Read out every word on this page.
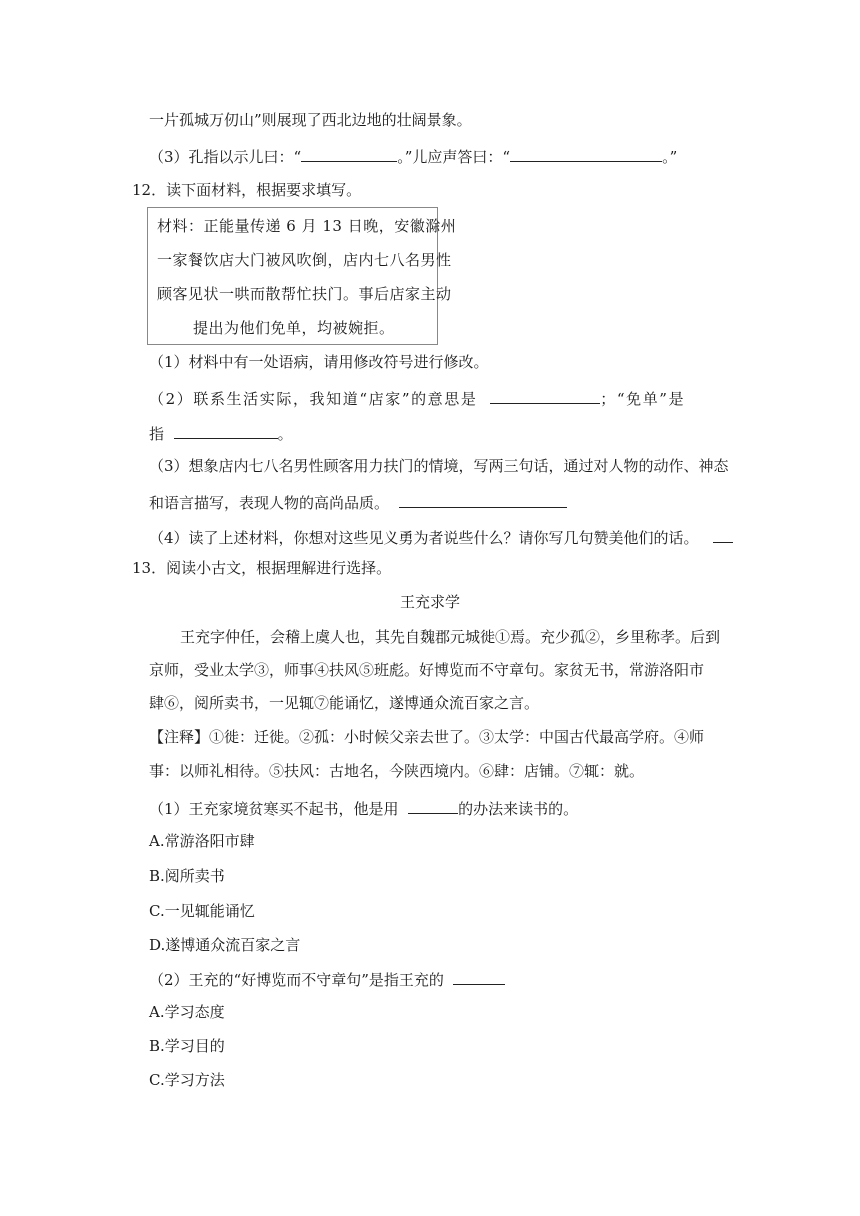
一片孤城万仞山”则展现了西北边地的壮阔景象。
（3）孔指以示儿曰：“	。”儿应声答曰：“	。”
12．读下面材料，根据要求填写。
材料：正能量传递 6 月 13 日晚，安徽滁州
一家餐饮店大门被风吹倒，店内七八名男性
顾客见状一哄而散帮忙扶门。事后店家主动
提出为他们免单，均被婉拒。
（1）材料中有一处语病，请用修改符号进行修改。
（2）联系生活实际，我知道“店家”的意思是	；“免单”是
指	。
（3）想象店内七八名男性顾客用力扶门的情境，写两三句话，通过对人物的动作、神态
和语言描写，表现人物的高尚品质。
（4）读了上述材料，你想对这些见义勇为者说些什么？请你写几句赞美他们的话。
13．阅读小古文，根据理解进行选择。
王充求学
王充字仲任，会稽上虞人也，其先自魏郡元城徙①焉。充少孤②，乡里称孝。后到
京师，受业太学③，师事④扶风⑤班彪。好博览而不守章句。家贫无书，常游洛阳市
肆⑥，阅所卖书，一见辄⑦能诵忆，遂博通众流百家之言。
【注释】①徙：迁徙。②孤：小时候父亲去世了。③太学：中国古代最高学府。④师
事：以师礼相待。⑤扶风：古地名，今陕西境内。⑥肆：店铺。⑦辄：就。
（1）王充家境贫寒买不起书，他是用	的办法来读书的。
A.常游洛阳市肆
B.阅所卖书
C.一见辄能诵忆
D.遂博通众流百家之言
（2）王充的“好博览而不守章句”是指王充的
A.学习态度
B.学习目的
C.学习方法
